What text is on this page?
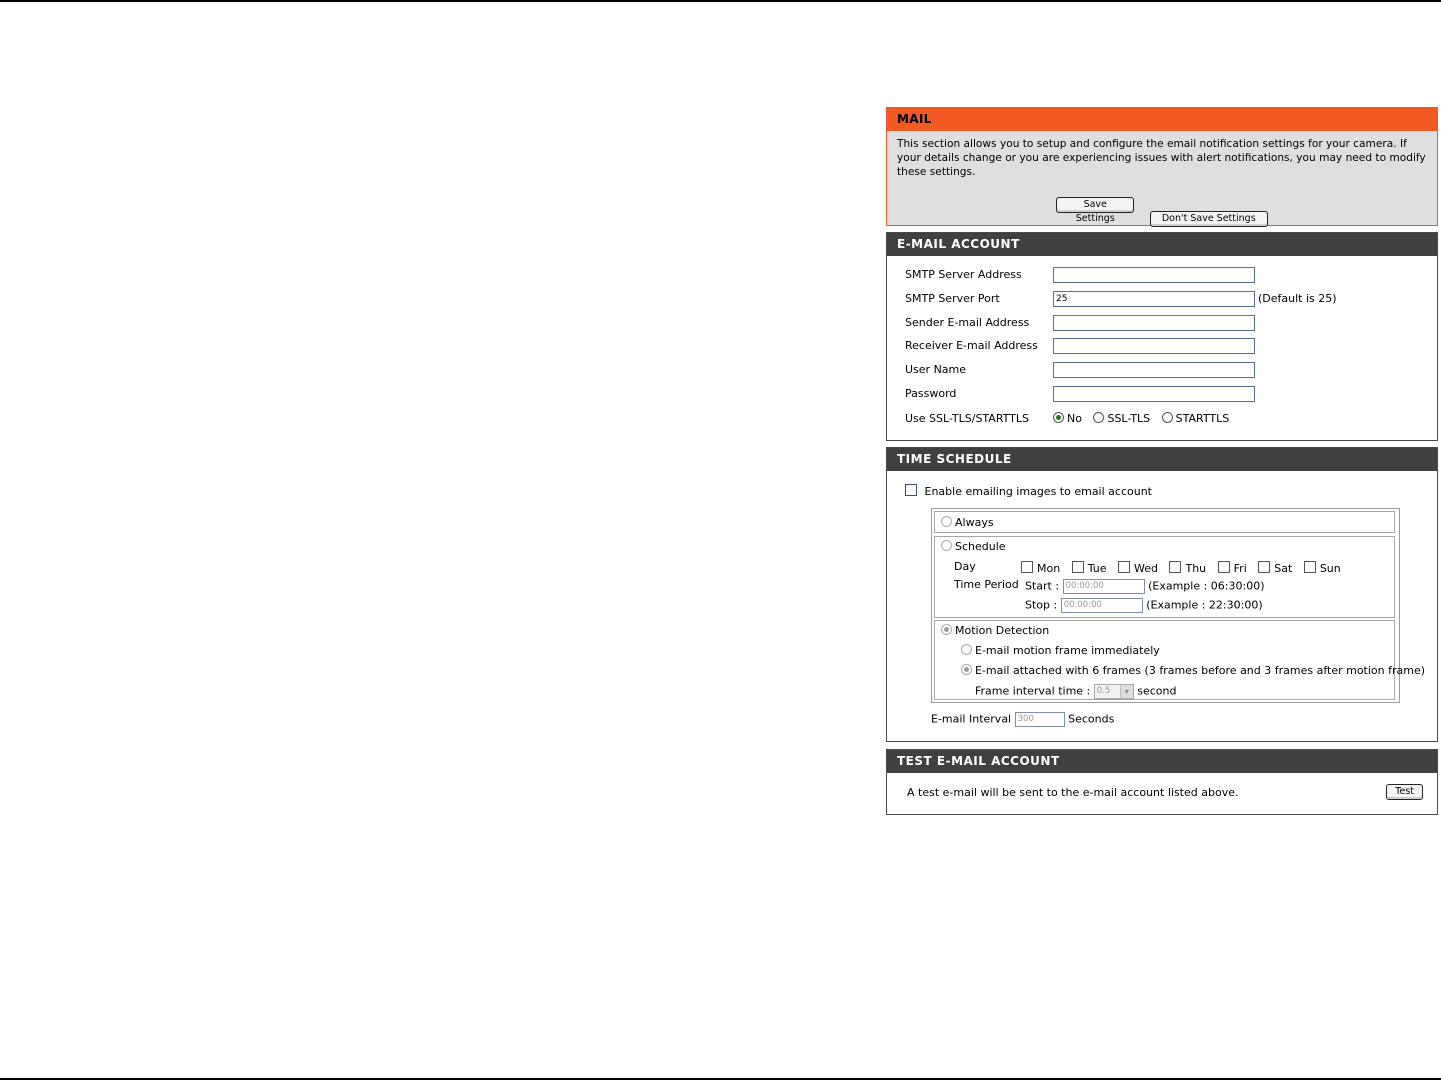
MAIL
This section allows you to setup and configure the email notification settings for your camera. If your details change or you are experiencing issues with alert notifications, you may need to modify these settings.
Save Settings	Don't Save Settings
E-MAIL ACCOUNT
SMTP Server Address
SMTP Server Port	25	(Default is 25)
Sender E-mail Address
Receiver E-mail Address
User Name
Password
Use SSL-TLS/STARTTLS	No SSL-TLS STARTTLS
TIME SCHEDULE
Enable emailing images to email account
Always
Schedule
Day	Mon	Tue	Wed	Thu	Fri	Sat	Sun
Time Period Start : 00:00:00	(Example : 06:30:00)
Stop : 00:00:00	(Example : 22:30:00)
Motion Detection
E-mail motion frame immediately
E-mail attached with 6 frames (3 frames before and 3 frames after motion frame)
Frame interval time : 0.5	▾ second
E-mail Interval 300	Seconds
TEST E-MAIL ACCOUNT
A test e-mail will be sent to the e-mail account listed above.	Test
